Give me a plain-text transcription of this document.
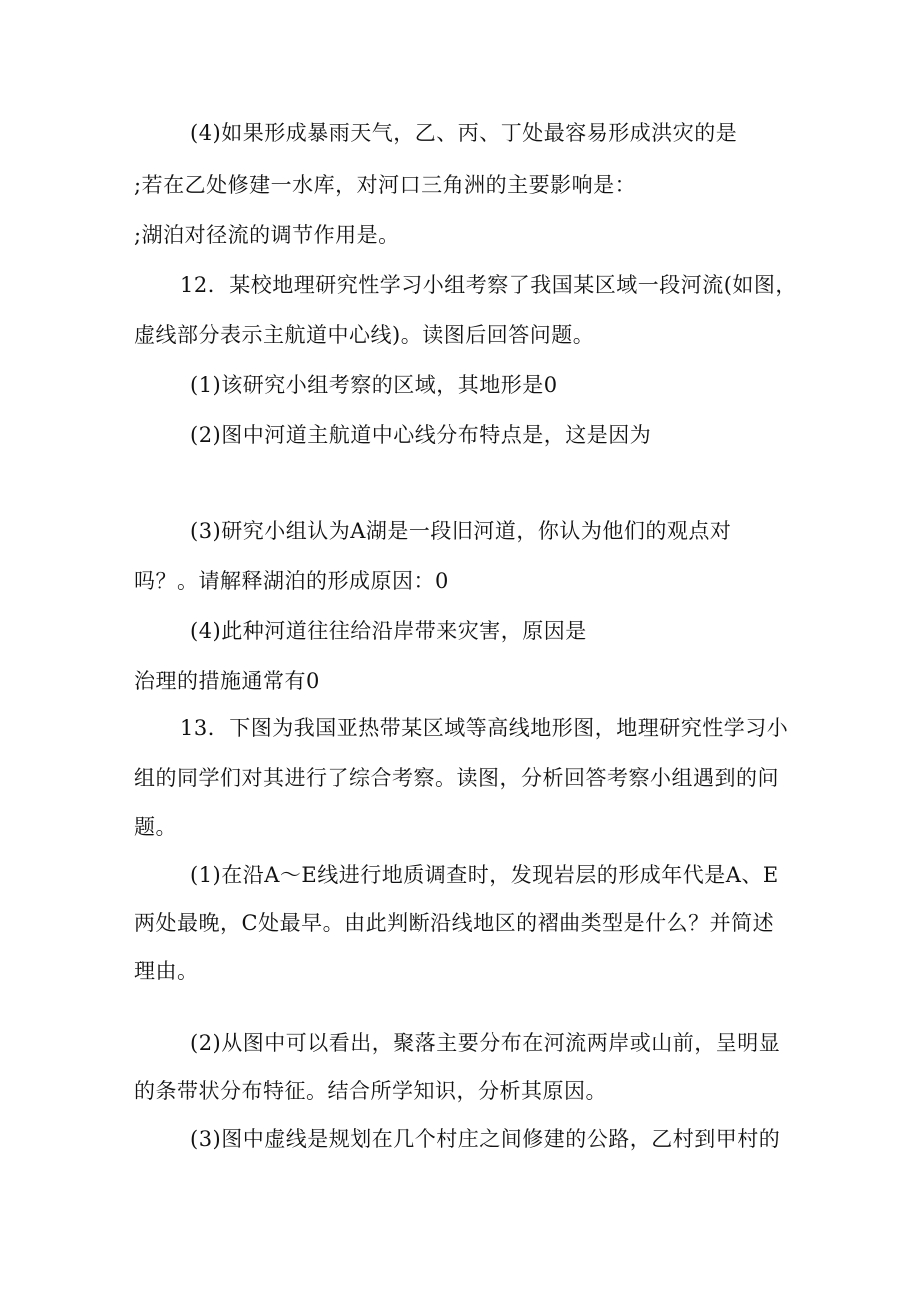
(4)如果形成暴雨天气，乙、丙、丁处最容易形成洪灾的是
;若在乙处修建一水库，对河口三角洲的主要影响是：
;湖泊对径流的调节作用是。
12．某校地理研究性学习小组考察了我国某区域一段河流(如图，
虚线部分表示主航道中心线)。读图后回答问题。
(1)该研究小组考察的区域，其地形是0
(2)图中河道主航道中心线分布特点是，这是因为
(3)研究小组认为A湖是一段旧河道，你认为他们的观点对
吗？。请解释湖泊的形成原因：0
(4)此种河道往往给沿岸带来灾害，原因是
治理的措施通常有0
13．下图为我国亚热带某区域等高线地形图，地理研究性学习小
组的同学们对其进行了综合考察。读图，分析回答考察小组遇到的问
题。
(1)在沿A～E线进行地质调查时，发现岩层的形成年代是A、E
两处最晚，C处最早。由此判断沿线地区的褶曲类型是什么？并简述
理由。
(2)从图中可以看出，聚落主要分布在河流两岸或山前，呈明显
的条带状分布特征。结合所学知识，分析其原因。
(3)图中虚线是规划在几个村庄之间修建的公路，乙村到甲村的
